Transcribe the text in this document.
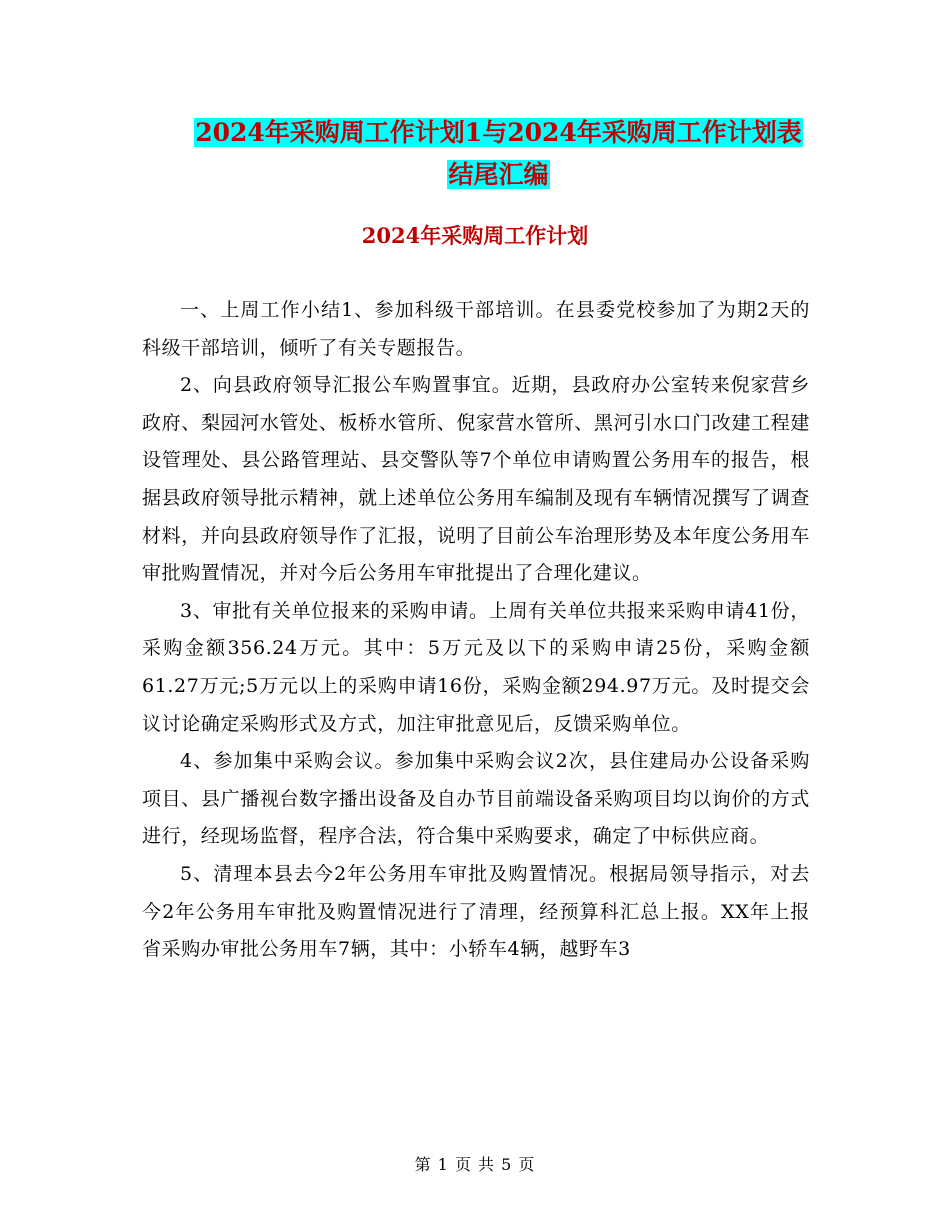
2024年采购周工作计划1与2024年采购周工作计划表
结尾汇编
2024年采购周工作计划

一、上周工作小结1、参加科级干部培训。在县委党校参加了为期2天的科级干部培训，倾听了有关专题报告。

2、向县政府领导汇报公车购置事宜。近期，县政府办公室转来倪家营乡政府、梨园河水管处、板桥水管所、倪家营水管所、黑河引水口门改建工程建设管理处、县公路管理站、县交警队等7个单位申请购置公务用车的报告，根据县政府领导批示精神，就上述单位公务用车编制及现有车辆情况撰写了调查材料，并向县政府领导作了汇报，说明了目前公车治理形势及本年度公务用车审批购置情况，并对今后公务用车审批提出了合理化建议。

3、审批有关单位报来的采购申请。上周有关单位共报来采购申请41份，采购金额356.24万元。其中：5万元及以下的采购申请25份，采购金额61.27万元;5万元以上的采购申请16份，采购金额294.97万元。及时提交会议讨论确定采购形式及方式，加注审批意见后，反馈采购单位。

4、参加集中采购会议。参加集中采购会议2次，县住建局办公设备采购项目、县广播视台数字播出设备及自办节目前端设备采购项目均以询价的方式进行，经现场监督，程序合法，符合集中采购要求，确定了中标供应商。

5、清理本县去今2年公务用车审批及购置情况。根据局领导指示，对去今2年公务用车审批及购置情况进行了清理，经预算科汇总上报。XX年上报省采购办审批公务用车7辆，其中：小轿车4辆，越野车3

第 1 页 共 5 页
